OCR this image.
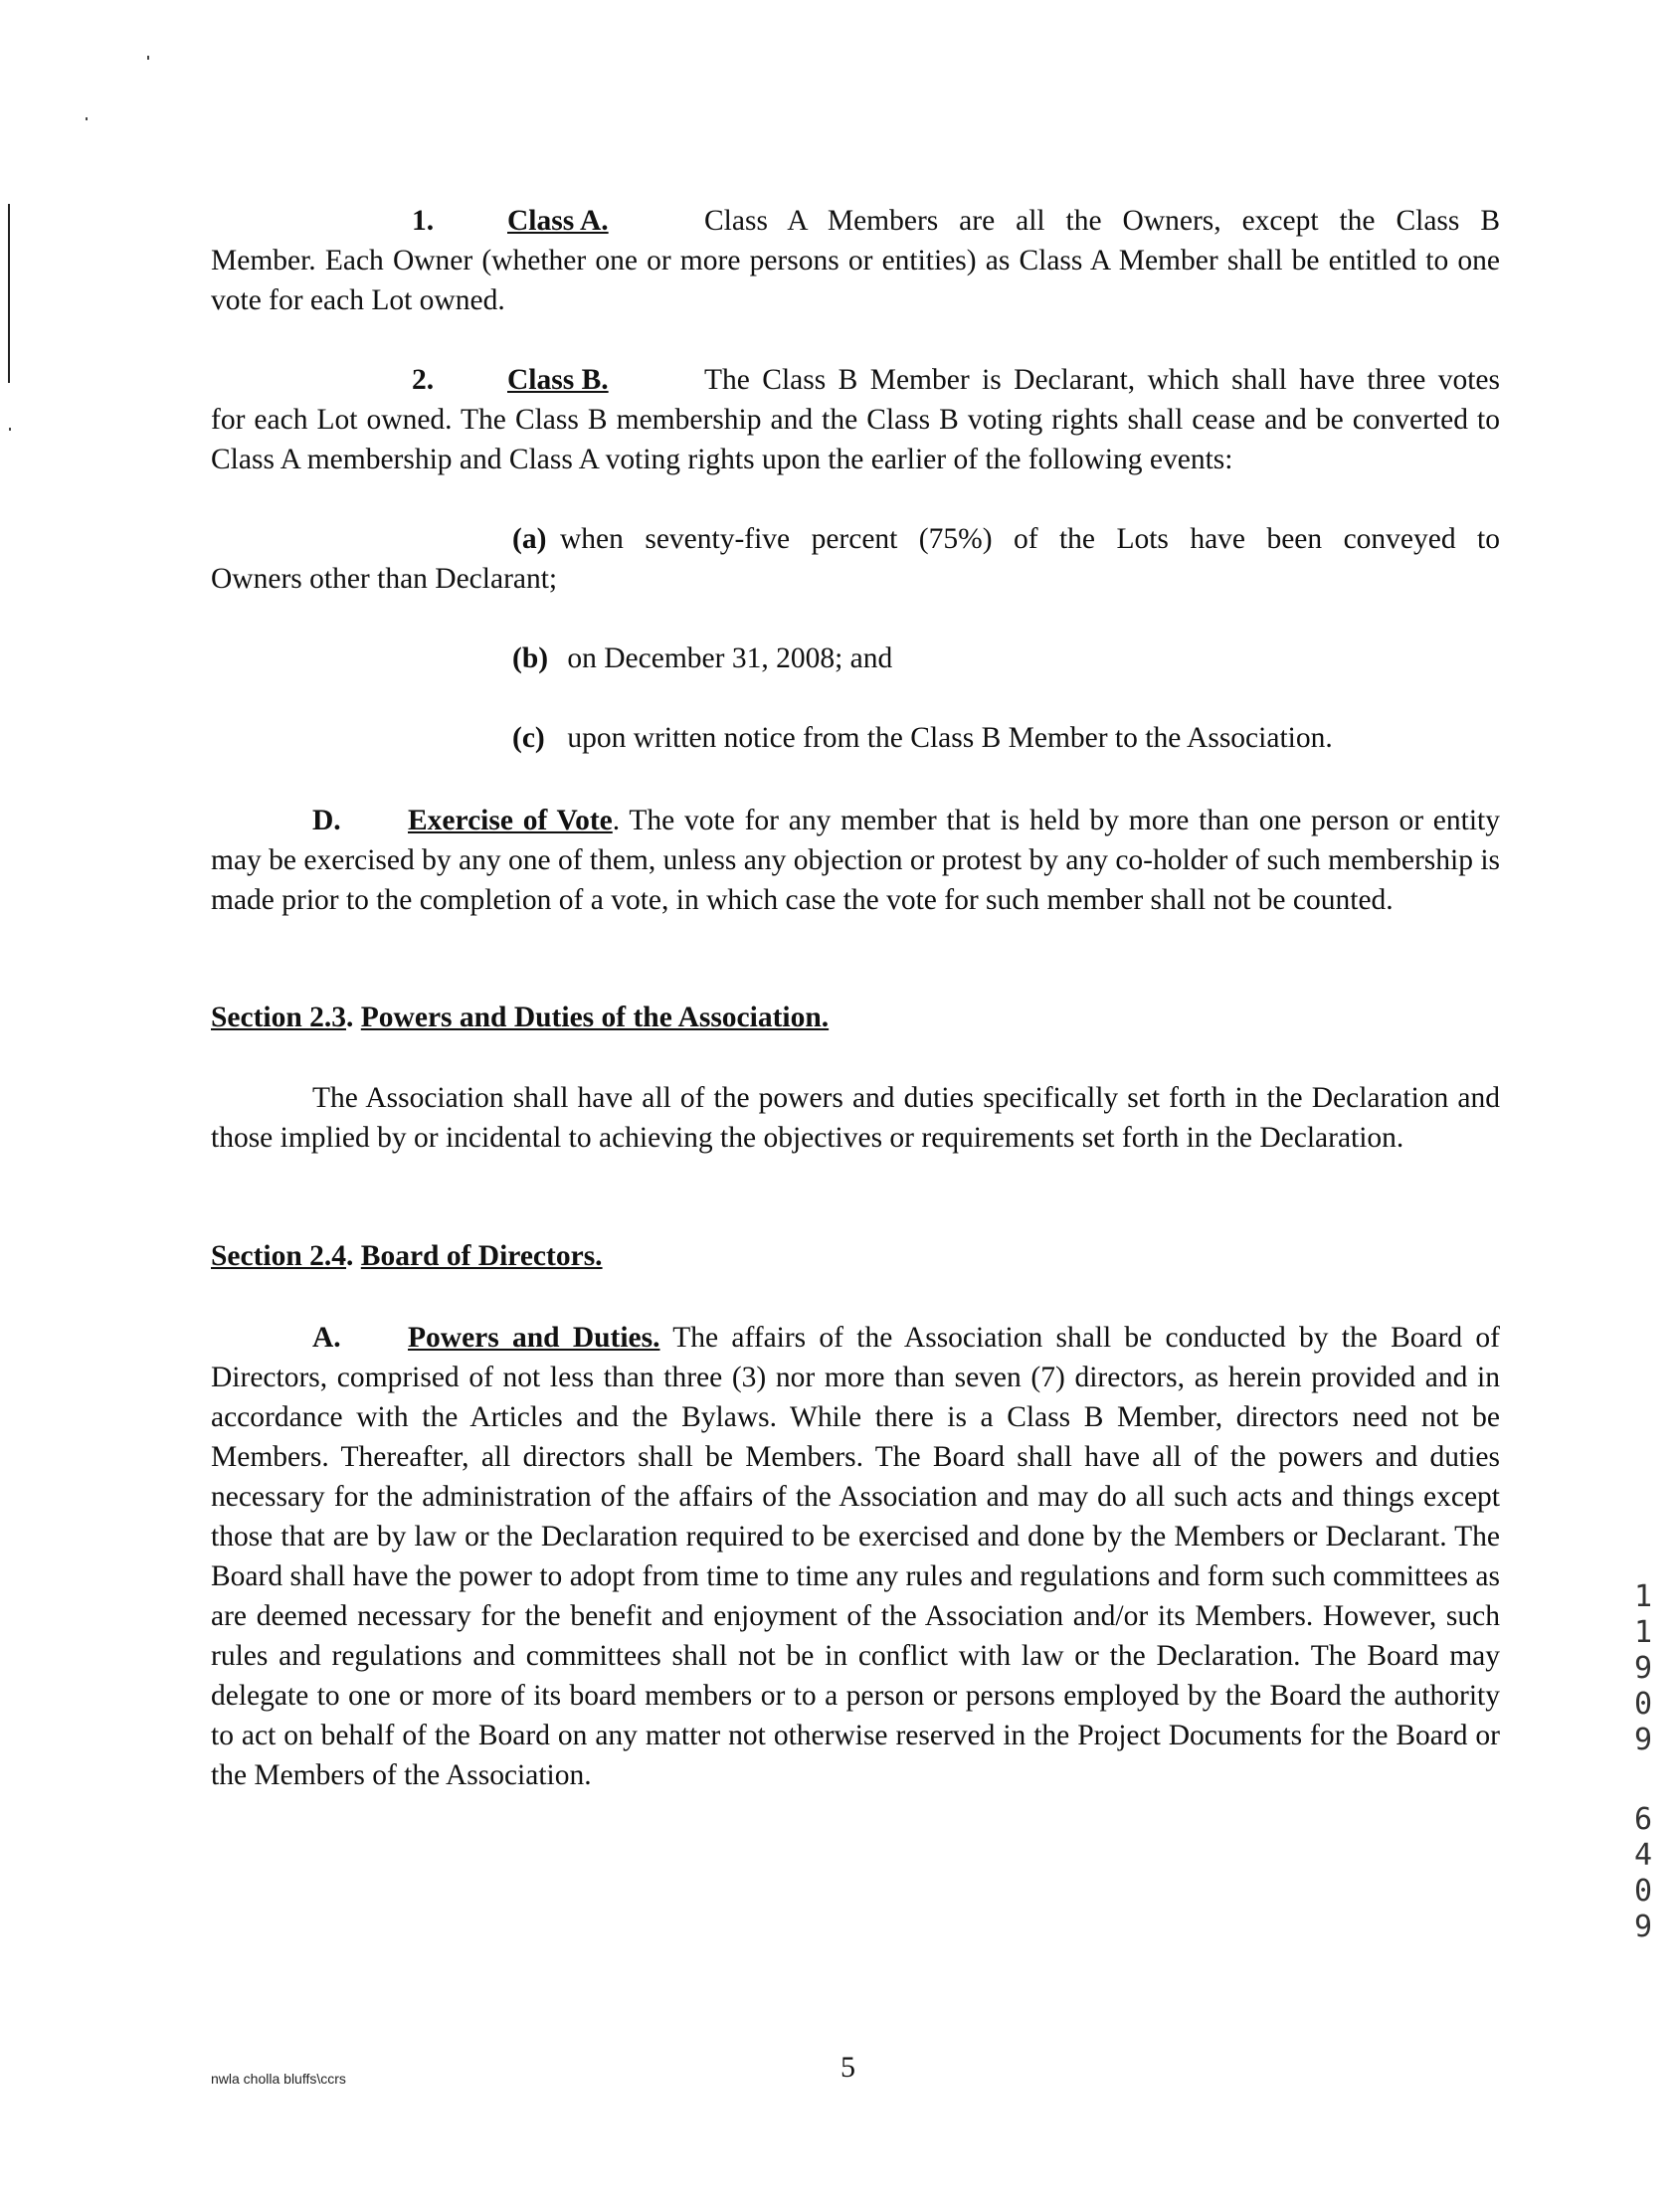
1.	Class A.	Class A Members are all the Owners, except the Class B
Member. Each Owner (whether one or more persons or entities) as Class A Member shall be entitled to one vote for each Lot owned.
2.	Class B.	The Class B Member is Declarant, which shall have three votes
for each Lot owned. The Class B membership and the Class B voting rights shall cease and be converted to Class A membership and Class A voting rights upon the earlier of the following events:
(a) when seventy-five percent (75%) of the Lots have been conveyed to
Owners other than Declarant;
(b) on December 31, 2008; and
(c) upon written notice from the Class B Member to the Association.
D. Exercise of Vote. The vote for any member that is held by more than one person or entity may be exercised by any one of them, unless any objection or protest by any co-holder of such membership is made prior to the completion of a vote, in which case the vote for such member shall not be counted.
Section 2.3. Powers and Duties of the Association.
The Association shall have all of the powers and duties specifically set forth in the Declaration and those implied by or incidental to achieving the objectives or requirements set forth in the Declaration.
Section 2.4. Board of Directors.
A. Powers and Duties. The affairs of the Association shall be conducted by the Board of Directors, comprised of not less than three (3) nor more than seven (7) directors, as herein provided and in accordance with the Articles and the Bylaws. While there is a Class B Member, directors need not be Members. Thereafter, all directors shall be Members. The Board shall have all of the powers and duties necessary for the administration of the affairs of the Association and may do all such acts and things except those that are by law or the Declaration required to be exercised and done by the Members or Declarant. The Board shall have the power to adopt from time to time any rules and regulations and form such committees as are deemed necessary for the benefit and enjoyment of the Association and/or its Members. However, such rules and regulations and committees shall not be in conflict with law or the Declaration. The Board may delegate to one or more of its board members or to a person or persons employed by the Board the authority to act on behalf of the Board on any matter not otherwise reserved in the Project Documents for the Board or the Members of the Association.
1
1
9
0
9
6
4
0
9
nwla cholla bluffs\ccrs	5
